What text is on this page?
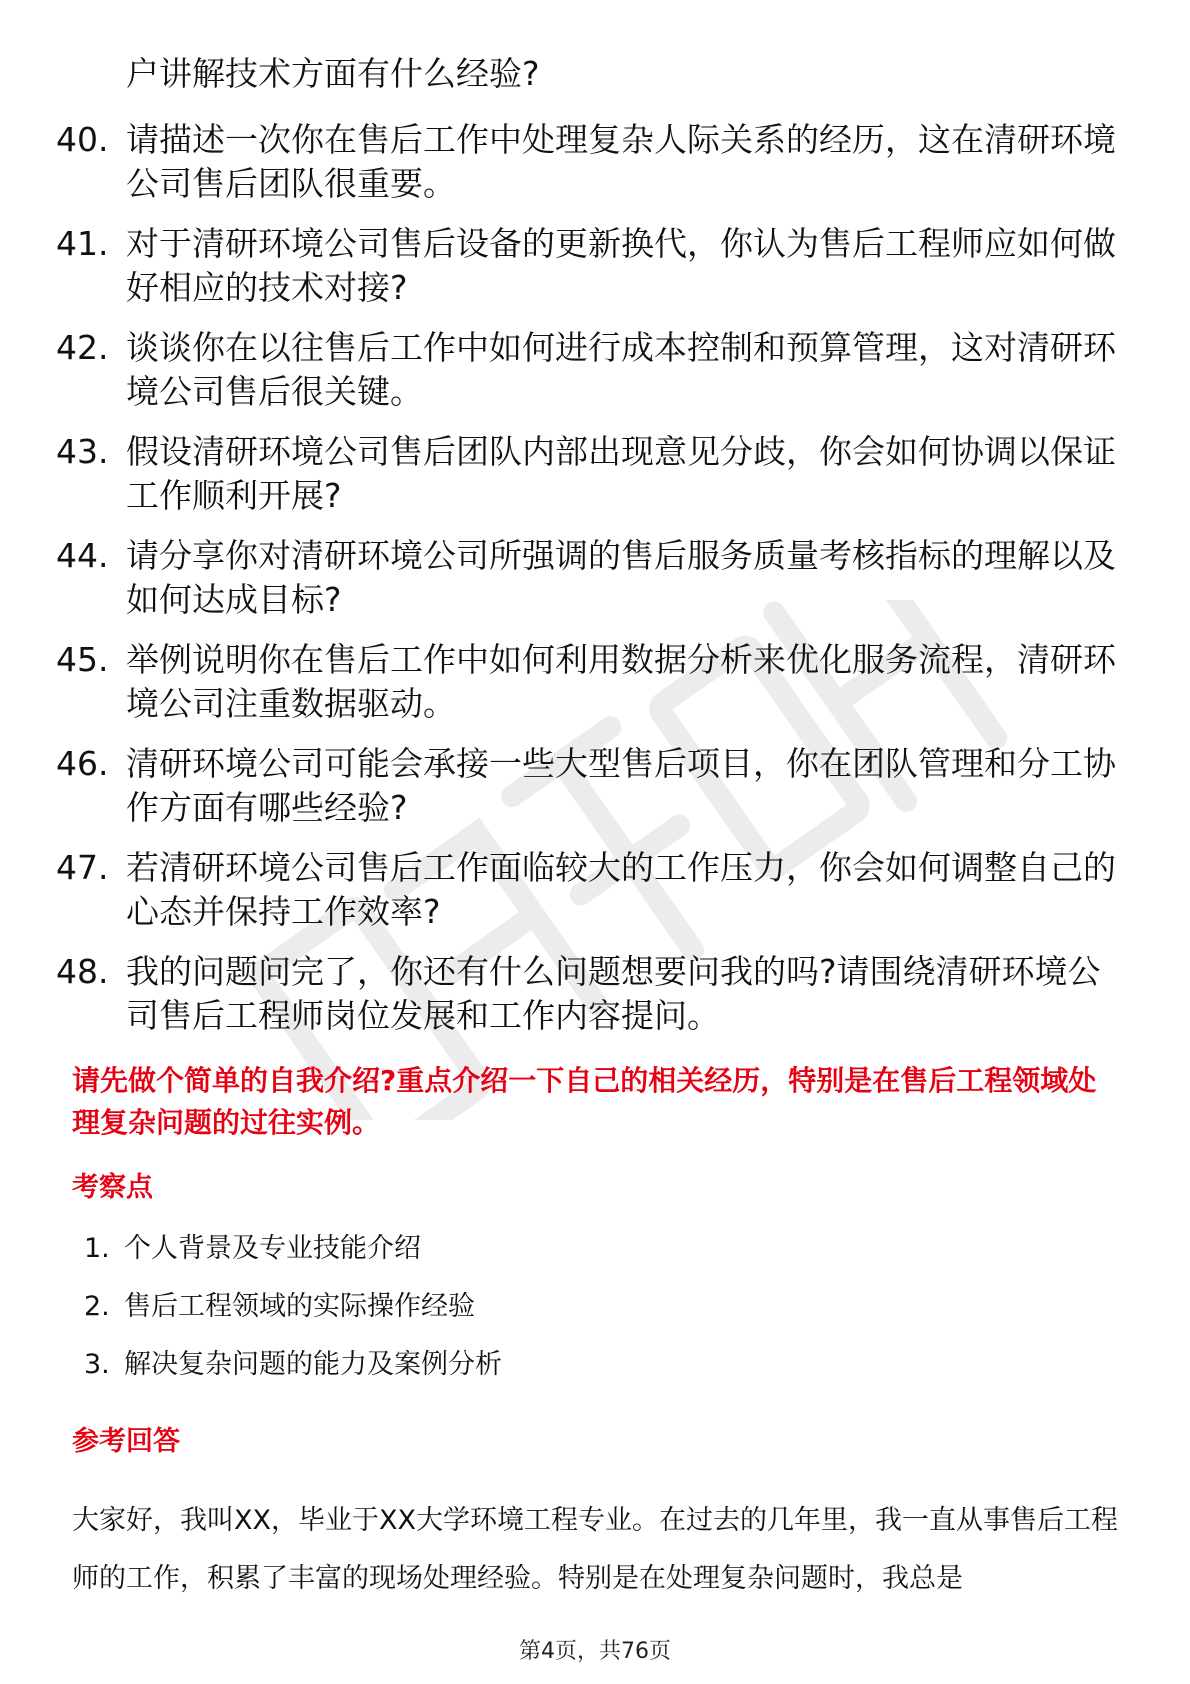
户讲解技术方面有什么经验?
40. 请描述一次你在售后工作中处理复杂人际关系的经历，这在清研环境公司售后团队很重要。
41. 对于清研环境公司售后设备的更新换代，你认为售后工程师应如何做好相应的技术对接?
42. 谈谈你在以往售后工作中如何进行成本控制和预算管理，这对清研环境公司售后很关键。
43. 假设清研环境公司售后团队内部出现意见分歧，你会如何协调以保证工作顺利开展?
44. 请分享你对清研环境公司所强调的售后服务质量考核指标的理解以及如何达成目标?
45. 举例说明你在售后工作中如何利用数据分析来优化服务流程，清研环境公司注重数据驱动。
46. 清研环境公司可能会承接一些大型售后项目，你在团队管理和分工协作方面有哪些经验?
47. 若清研环境公司售后工作面临较大的工作压力，你会如何调整自己的心态并保持工作效率?
48. 我的问题问完了，你还有什么问题想要问我的吗?请围绕清研环境公司售后工程师岗位发展和工作内容提问。
请先做个简单的自我介绍?重点介绍一下自己的相关经历，特别是在售后工程领域处理复杂问题的过往实例。
考察点
1. 个人背景及专业技能介绍
2. 售后工程领域的实际操作经验
3. 解决复杂问题的能力及案例分析
参考回答
大家好，我叫XX，毕业于XX大学环境工程专业。在过去的几年里，我一直从事售后工程师的工作，积累了丰富的现场处理经验。特别是在处理复杂问题时，我总是
第4页，共76页
